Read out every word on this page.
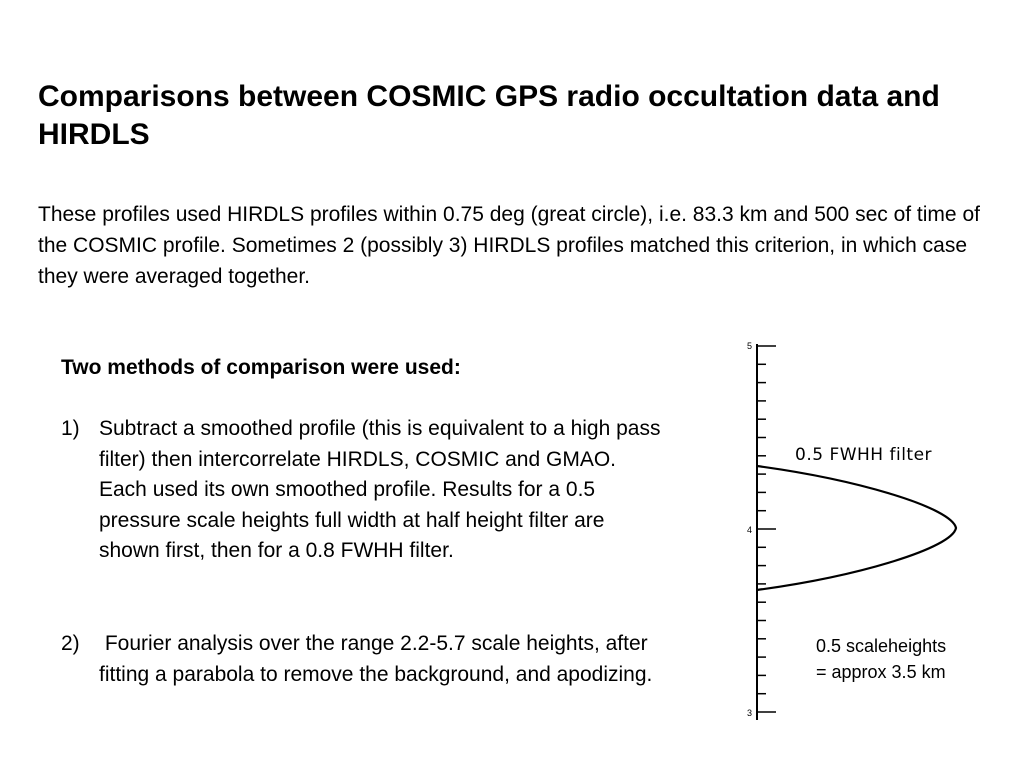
Comparisons between COSMIC GPS radio occultation data and HIRDLS

These profiles used HIRDLS profiles within 0.75 deg (great circle), i.e. 83.3 km and 500 sec of time of the COSMIC profile. Sometimes 2 (possibly 3) HIRDLS profiles matched this criterion, in which case they were averaged together.

Two methods of comparison were used:

1) Subtract a smoothed profile (this is equivalent to a high pass filter) then intercorrelate HIRDLS, COSMIC and GMAO. Each used its own smoothed profile. Results for a 0.5 pressure scale heights full width at half height filter are shown first, then for a 0.8 FWHH filter.
2) Fourier analysis over the range 2.2-5.7 scale heights, after fitting a parabola to remove the background, and apodizing.
5
4
3
0.5 FWHH filter
0.5 scaleheights
= approx 3.5 km
